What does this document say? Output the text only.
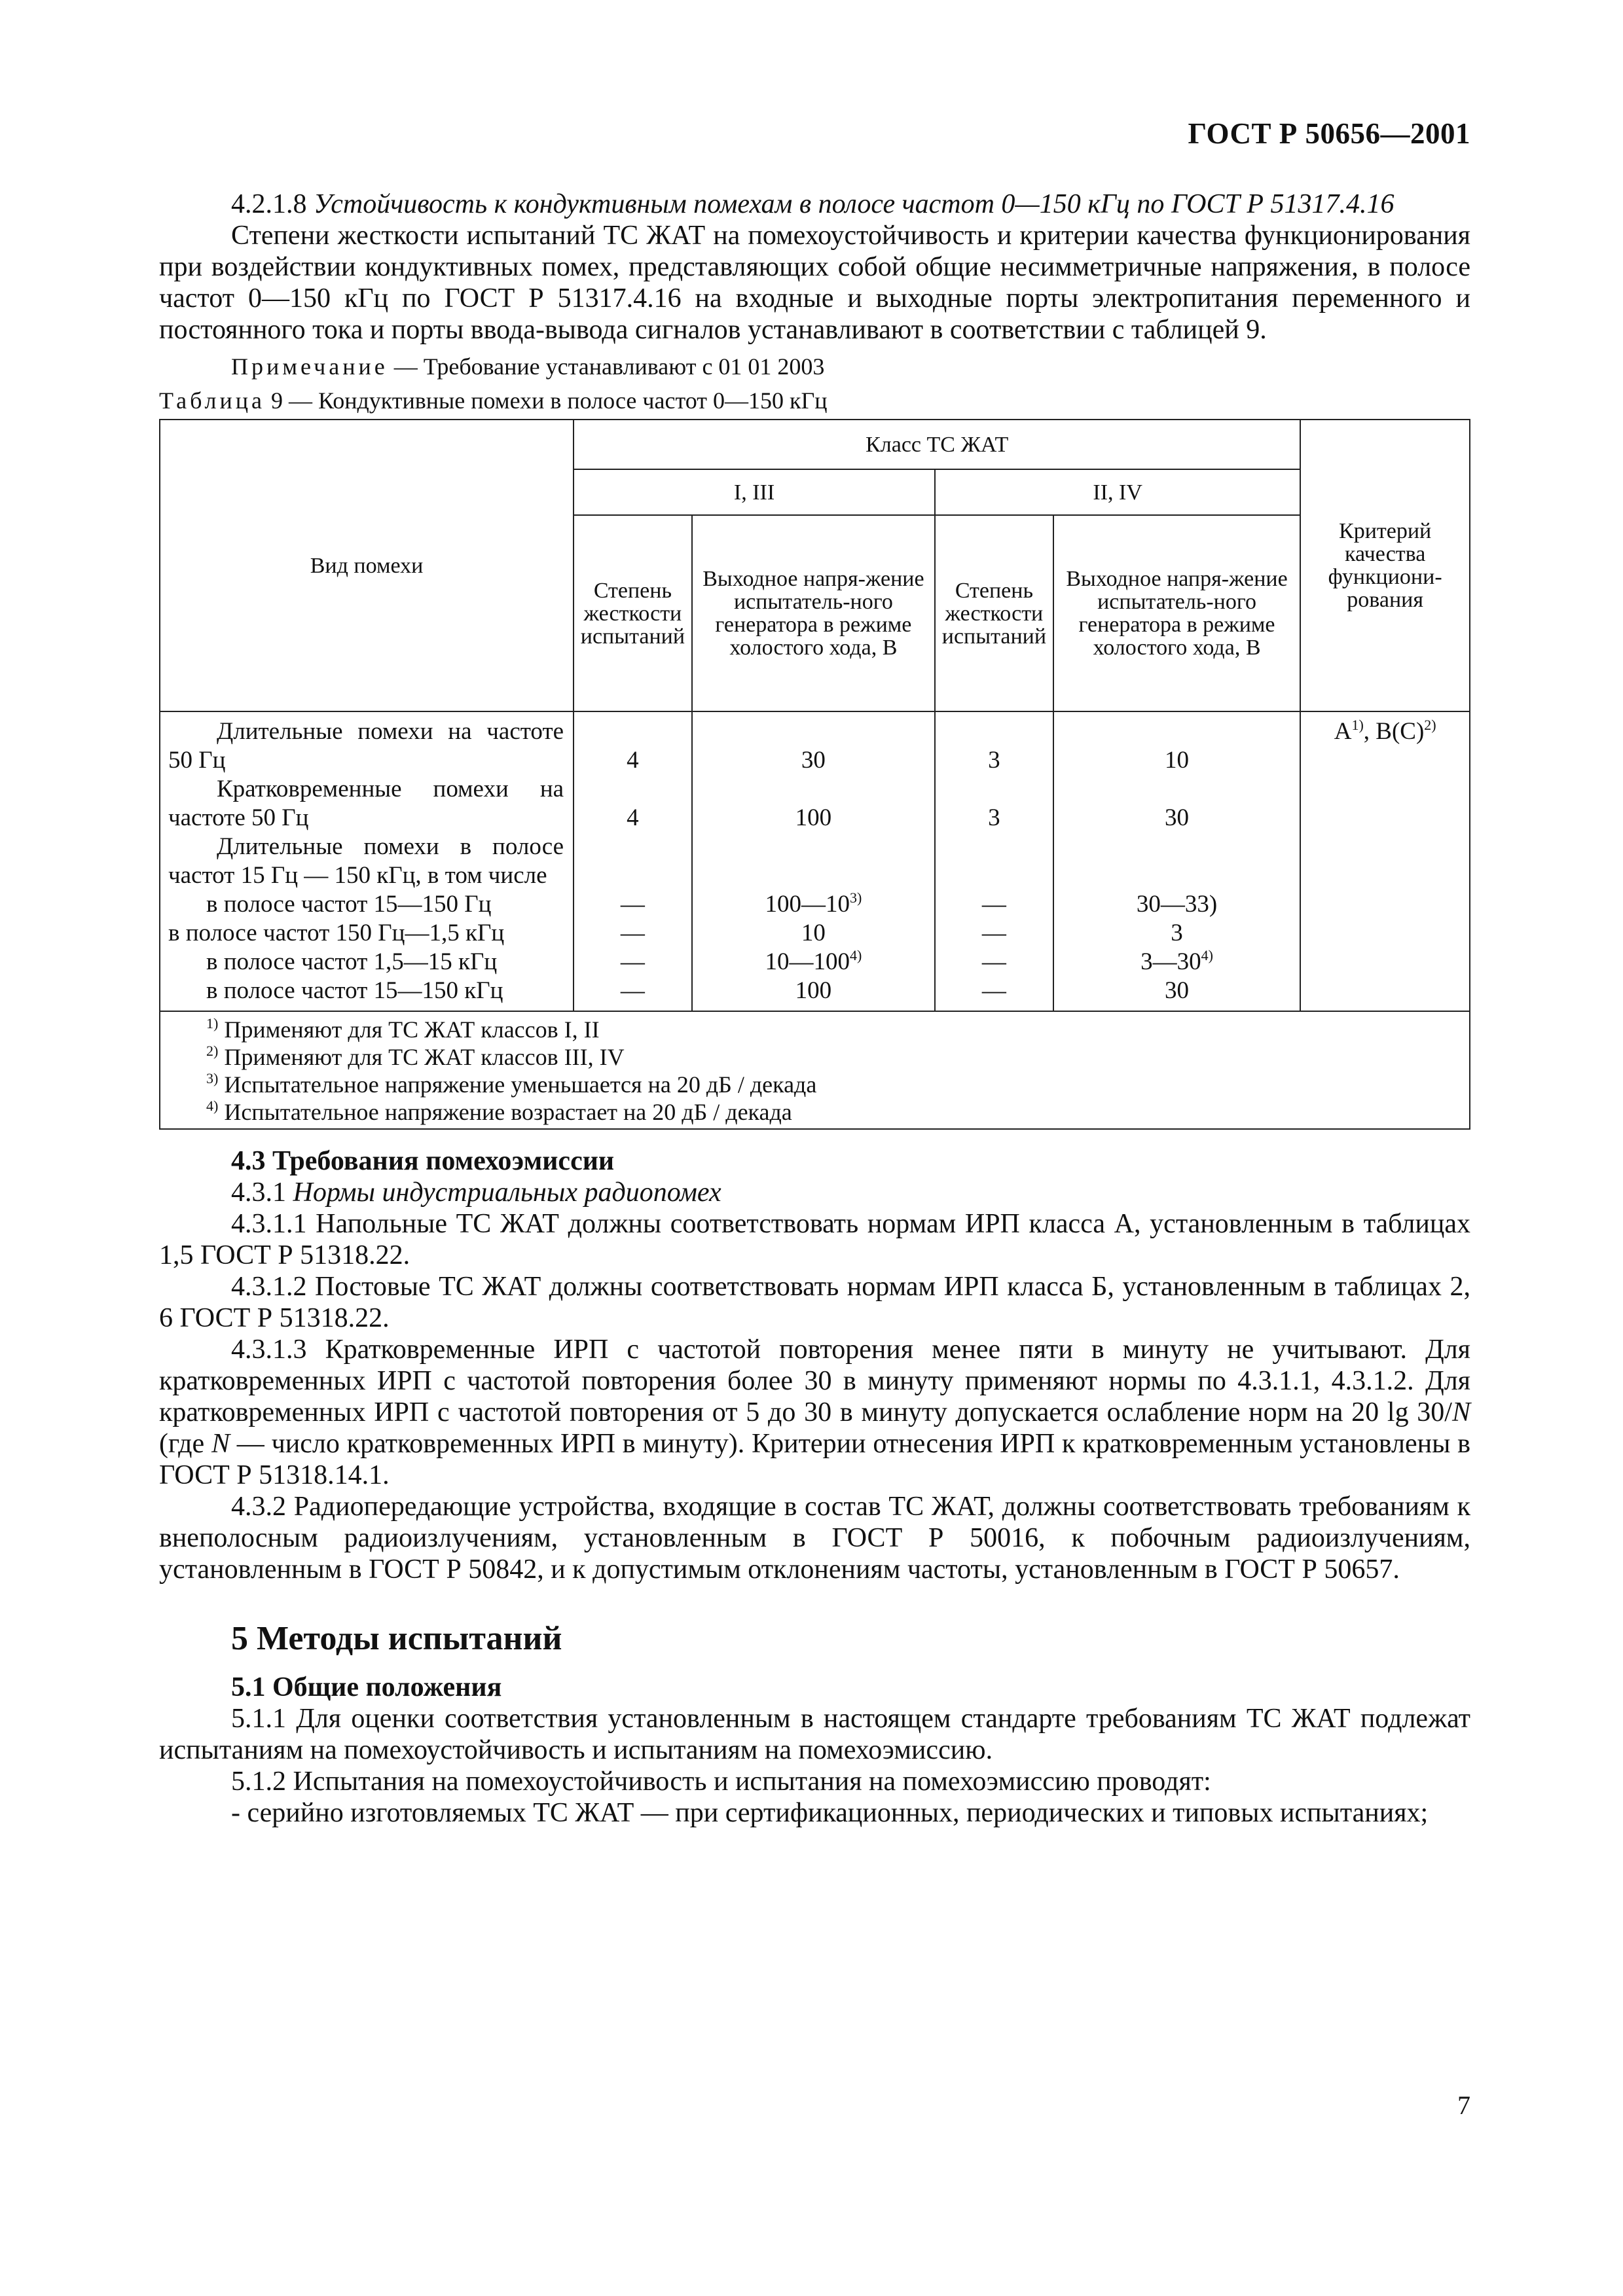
ГОСТ Р 50656—2001

4.2.1.8 Устойчивость к кондуктивным помехам в полосе частот 0—150 кГц по ГОСТ Р 51317.4.16

Степени жесткости испытаний ТС ЖАТ на помехоустойчивость и критерии качества функционирования при воздействии кондуктивных помех, представляющих собой общие несимметричные напряжения, в полосе частот 0—150 кГц по ГОСТ Р 51317.4.16 на входные и выходные порты электропитания переменного и постоянного тока и порты ввода-вывода сигналов устанавливают в соответствии с таблицей 9.

Примечание — Требование устанавливают с 01 01 2003

Таблица 9 — Кондуктивные помехи в полосе частот 0—150 кГц

Вид помехи	Класс ТС ЖАТ				Критерий качества функциони-рования
	I, III		II, IV		
	Степень жесткости испытаний	Выходное напря-жение испытатель-ного генератора в режиме холостого хода, В	Степень жесткости испытаний	Выходное напря-жение испытатель-ного генератора в режиме холостого хода, В	
Длительные помехи на частоте 50 Гц	4	30	3	10	$А^{1)}$, $В(С)^{2)}$
Кратковременные помехи на частоте 50 Гц	4	100	3	30	
Длительные помехи в полосе частот 15 Гц — 150 кГц, в том числе					
в полосе частот 15—150 Гц	—	100—10$^{3)}$	—	30—33)	
в полосе частот 150 Гц—1,5 кГц	—	10	—	3	
в полосе частот 1,5—15 кГц	—	10—100$^{4)}$	—	3—30$^{4)}$
в полосе частот 15—150 кГц	—	100	—	30	

$^{1)}$ Применяют для ТС ЖАТ классов I, II
$^{2)}$ Применяют для ТС ЖАТ классов III, IV
$^{3)}$ Испытательное напряжение уменьшается на 20 дБ / декада
$^{4)}$ Испытательное напряжение возрастает на 20 дБ / декада					
4.3 Требования помехоэмиссии

4.3.1 Нормы индустриальных радиопомех

4.3.1.1 Напольные ТС ЖАТ должны соответствовать нормам ИРП класса А, установленным в таблицах 1,5 ГОСТ Р 51318.22.

4.3.1.2 Постовые ТС ЖАТ должны соответствовать нормам ИРП класса Б, установленным в таблицах 2, 6 ГОСТ Р 51318.22.

4.3.1.3 Кратковременные ИРП с частотой повторения менее пяти в минуту не учитывают. Для кратковременных ИРП с частотой повторения более 30 в минуту применяют нормы по 4.3.1.1, 4.3.1.2. Для кратковременных ИРП с частотой повторения от 5 до 30 в минуту допускается ослабление норм на 20 lg 30/N (где N — число кратковременных ИРП в минуту). Критерии отнесения ИРП к кратковременным установлены в ГОСТ Р 51318.14.1.

4.3.2 Радиопередающие устройства, входящие в состав ТС ЖАТ, должны соответствовать требованиям к внеполосным радиоизлучениям, установленным в ГОСТ Р 50016, к побочным радиоизлучениям, установленным в ГОСТ Р 50842, и к допустимым отклонениям частоты, установленным в ГОСТ Р 50657.

5 Методы испытаний
5.1 Общие положения

5.1.1 Для оценки соответствия установленным в настоящем стандарте требованиям ТС ЖАТ подлежат испытаниям на помехоустойчивость и испытаниям на помехоэмиссию.

5.1.2 Испытания на помехоустойчивость и испытания на помехоэмиссию проводят:

- серийно изготовляемых ТС ЖАТ — при сертификационных, периодических и типовых испытаниях;

7
